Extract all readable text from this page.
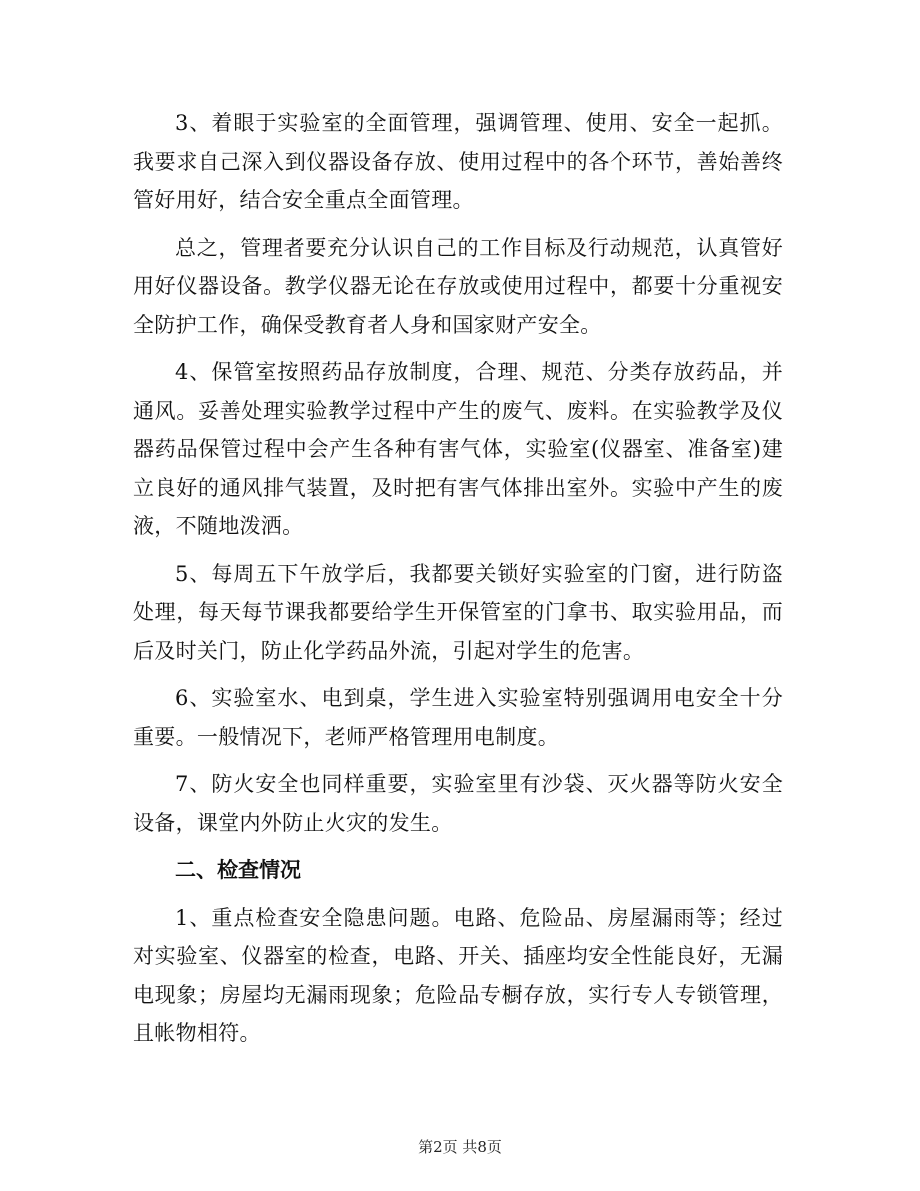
3、着眼于实验室的全面管理，强调管理、使用、安全一起抓。我要求自己深入到仪器设备存放、使用过程中的各个环节，善始善终管好用好，结合安全重点全面管理。

总之，管理者要充分认识自己的工作目标及行动规范，认真管好用好仪器设备。教学仪器无论在存放或使用过程中，都要十分重视安全防护工作，确保受教育者人身和国家财产安全。

4、保管室按照药品存放制度，合理、规范、分类存放药品，并通风。妥善处理实验教学过程中产生的废气、废料。在实验教学及仪器药品保管过程中会产生各种有害气体，实验室(仪器室、准备室)建立良好的通风排气装置，及时把有害气体排出室外。实验中产生的废液，不随地泼洒。

5、每周五下午放学后，我都要关锁好实验室的门窗，进行防盗处理，每天每节课我都要给学生开保管室的门拿书、取实验用品，而后及时关门，防止化学药品外流，引起对学生的危害。

6、实验室水、电到桌，学生进入实验室特别强调用电安全十分重要。一般情况下，老师严格管理用电制度。

7、防火安全也同样重要，实验室里有沙袋、灭火器等防火安全设备，课堂内外防止火灾的发生。

二、检查情况

1、重点检查安全隐患问题。电路、危险品、房屋漏雨等；经过对实验室、仪器室的检查，电路、开关、插座均安全性能良好，无漏电现象；房屋均无漏雨现象；危险品专橱存放，实行专人专锁管理，且帐物相符。

第2页 共8页
